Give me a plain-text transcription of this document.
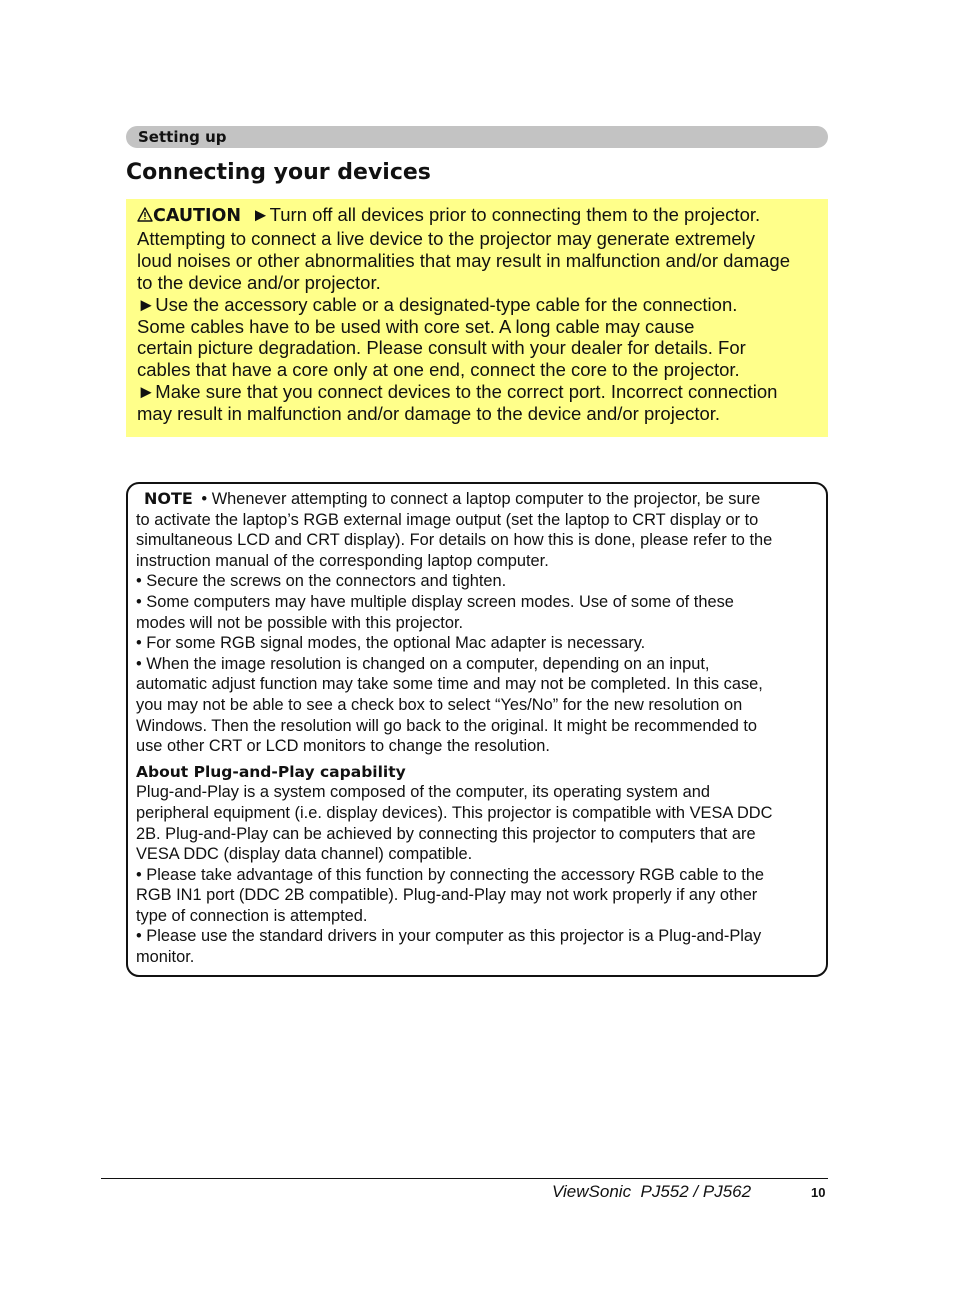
Setting up
Connecting your devices

CAUTION ►Turn off all devices prior to connecting them to the projector.

Attempting to connect a live device to the projector may generate extremely

loud noises or other abnormalities that may result in malfunction and/or damage

to the device and/or projector.

►Use the accessory cable or a designated-type cable for the connection.

Some cables have to be used with core set. A long cable may cause

certain picture degradation. Please consult with your dealer for details. For

cables that have a core only at one end, connect the core to the projector.

►Make sure that you connect devices to the correct port. Incorrect connection

may result in malfunction and/or damage to the device and/or projector.

NOTE • Whenever attempting to connect a laptop computer to the projector, be sure

to activate the laptop’s RGB external image output (set the laptop to CRT display or to

simultaneous LCD and CRT display). For details on how this is done, please refer to the

instruction manual of the corresponding laptop computer.

• Secure the screws on the connectors and tighten.

• Some computers may have multiple display screen modes. Use of some of these

modes will not be possible with this projector.

• For some RGB signal modes, the optional Mac adapter is necessary.

• When the image resolution is changed on a computer, depending on an input,

automatic adjust function may take some time and may not be completed. In this case,

you may not be able to see a check box to select “Yes/No” for the new resolution on

Windows. Then the resolution will go back to the original. It might be recommended to

use other CRT or LCD monitors to change the resolution.

About Plug-and-Play capability

Plug-and-Play is a system composed of the computer, its operating system and

peripheral equipment (i.e. display devices). This projector is compatible with VESA DDC

2B. Plug-and-Play can be achieved by connecting this projector to computers that are

VESA DDC (display data channel) compatible.

• Please take advantage of this function by connecting the accessory RGB cable to the

RGB IN1 port (DDC 2B compatible). Plug-and-Play may not work properly if any other

type of connection is attempted.

• Please use the standard drivers in your computer as this projector is a Plug-and-Play

monitor.

ViewSonic  PJ552 / PJ562	10
